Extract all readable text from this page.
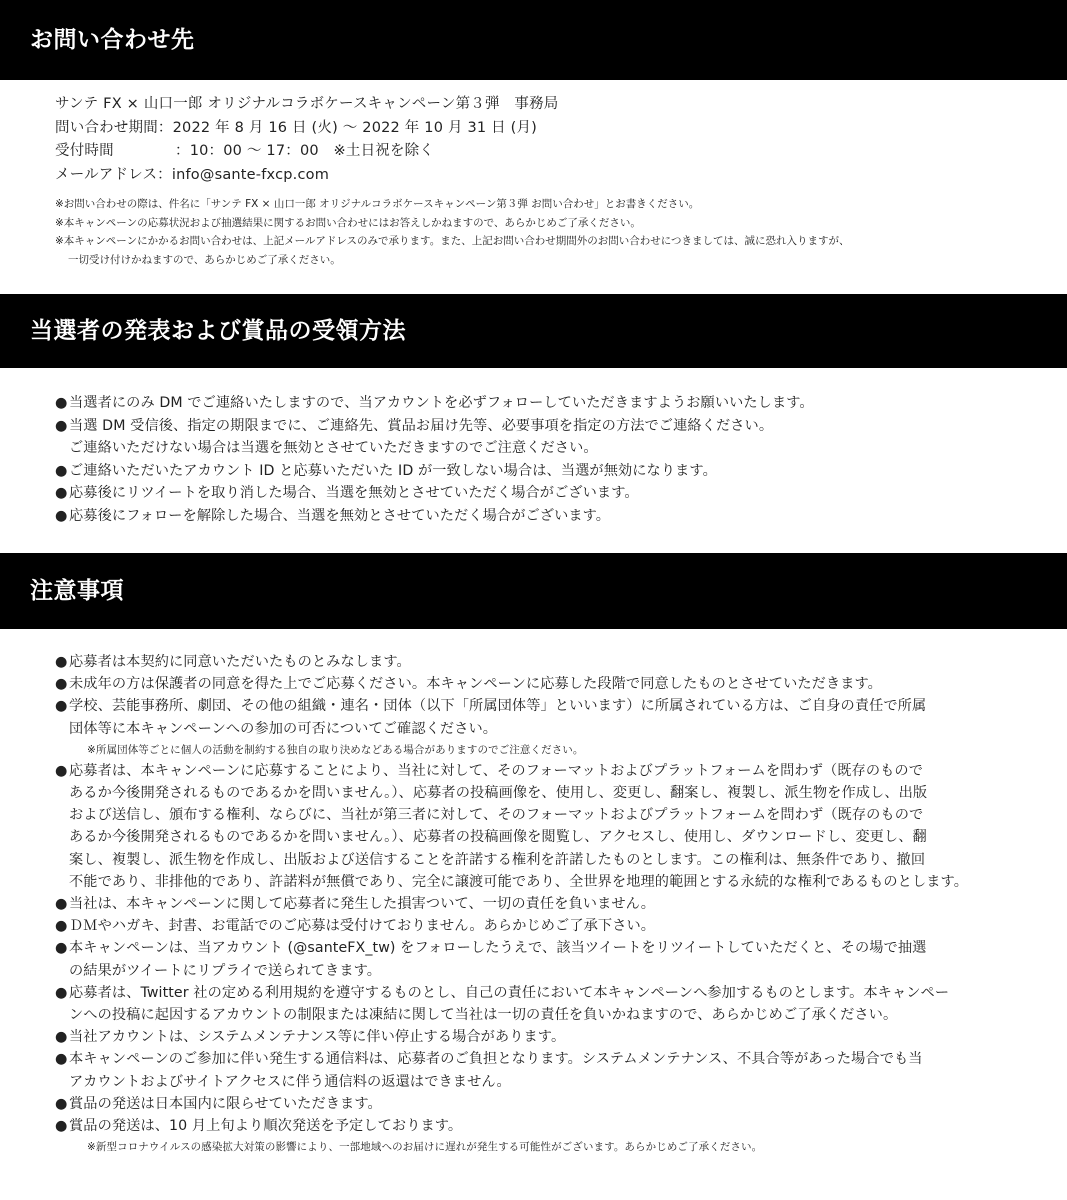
お問い合わせ先
サンテ FX × 山口一郎 オリジナルコラボケースキャンペーン第３弾　事務局
問い合わせ期間：2022 年 8 月 16 日 (火) 〜 2022 年 10 月 31 日 (月)
受付時間	：10：00 〜 17：00　※土日祝を除く
メールアドレス：info@sante-fxcp.com
※お問い合わせの際は、件名に「サンテ FX × 山口一郎 オリジナルコラボケースキャンペーン第３弾 お問い合わせ」とお書きください。
※本キャンペーンの応募状況および抽選結果に関するお問い合わせにはお答えしかねますので、あらかじめご了承ください。
※本キャンペーンにかかるお問い合わせは、上記メールアドレスのみで承ります。また、上記お問い合わせ期間外のお問い合わせにつきましては、誠に恐れ入りますが、
一切受け付けかねますので、あらかじめご了承ください。
当選者の発表および賞品の受領方法
● 当選者にのみ DM でご連絡いたしますので、当アカウントを必ずフォローしていただきますようお願いいたします。
● 当選 DM 受信後、指定の期限までに、ご連絡先、賞品お届け先等、必要事項を指定の方法でご連絡ください。
ご連絡いただけない場合は当選を無効とさせていただきますのでご注意ください。
● ご連絡いただいたアカウント ID と応募いただいた ID が一致しない場合は、当選が無効になります。
● 応募後にリツイートを取り消した場合、当選を無効とさせていただく場合がございます。
● 応募後にフォローを解除した場合、当選を無効とさせていただく場合がございます。
注意事項
● 応募者は本契約に同意いただいたものとみなします。
● 未成年の方は保護者の同意を得た上でご応募ください。本キャンペーンに応募した段階で同意したものとさせていただきます。
● 学校、芸能事務所、劇団、その他の組織・連名・団体（以下「所属団体等」といいます）に所属されている方は、ご自身の責任で所属
団体等に本キャンペーンへの参加の可否についてご確認ください。
※所属団体等ごとに個人の活動を制約する独自の取り決めなどある場合がありますのでご注意ください。
● 応募者は、本キャンペーンに応募することにより、当社に対して、そのフォーマットおよびプラットフォームを問わず（既存のもので
あるか今後開発されるものであるかを問いません。）、応募者の投稿画像を、使用し、変更し、翻案し、複製し、派生物を作成し、出版
および送信し、頒布する権利、ならびに、当社が第三者に対して、そのフォーマットおよびプラットフォームを問わず（既存のもので
あるか今後開発されるものであるかを問いません。）、応募者の投稿画像を閲覧し、アクセスし、使用し、ダウンロードし、変更し、翻
案し、複製し、派生物を作成し、出版および送信することを許諾する権利を許諾したものとします。この権利は、無条件であり、撤回
不能であり、非排他的であり、許諾料が無償であり、完全に譲渡可能であり、全世界を地理的範囲とする永続的な権利であるものとします。
● 当社は、本キャンペーンに関して応募者に発生した損害ついて、一切の責任を負いません。
● ＤＭやハガキ、封書、お電話でのご応募は受付けておりません。あらかじめご了承下さい。
● 本キャンペーンは、当アカウント (@santeFX_tw) をフォローしたうえで、該当ツイートをリツイートしていただくと、その場で抽選
の結果がツイートにリプライで送られてきます。
● 応募者は、Twitter 社の定める利用規約を遵守するものとし、自己の責任において本キャンペーンへ参加するものとします。本キャンペー
ンへの投稿に起因するアカウントの制限または凍結に関して当社は一切の責任を負いかねますので、あらかじめご了承ください。
● 当社アカウントは、システムメンテナンス等に伴い停止する場合があります。
● 本キャンペーンのご参加に伴い発生する通信料は、応募者のご負担となります。システムメンテナンス、不具合等があった場合でも当
アカウントおよびサイトアクセスに伴う通信料の返還はできません。
● 賞品の発送は日本国内に限らせていただきます。
● 賞品の発送は、10 月上旬より順次発送を予定しております。
※新型コロナウイルスの感染拡大対策の影響により、一部地域へのお届けに遅れが発生する可能性がございます。あらかじめご了承ください。
